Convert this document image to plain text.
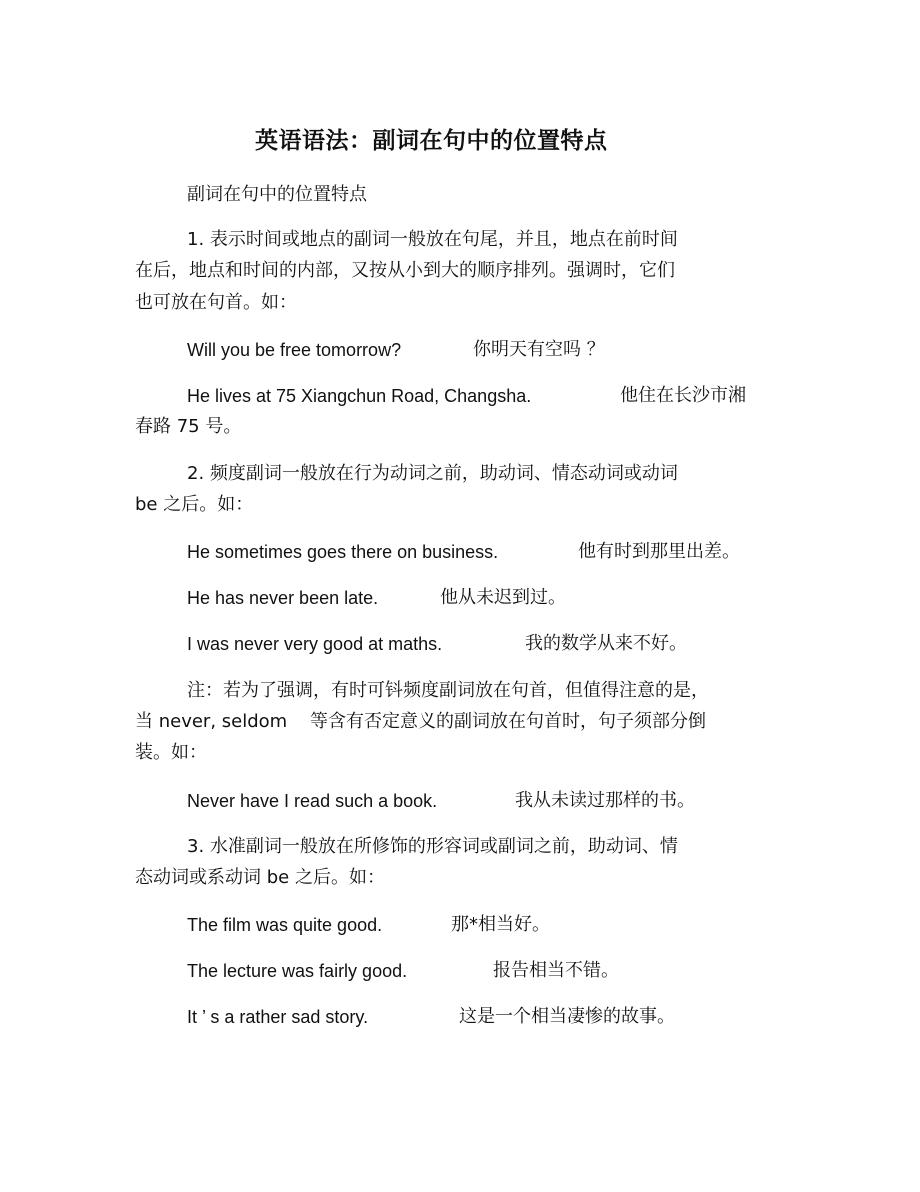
英语语法：副词在句中的位置特点

副词在句中的位置特点

1. 表示时间或地点的副词一般放在句尾，并且，地点在前时间

在后，地点和时间的内部，又按从小到大的顺序排列。强调时，它们

也可放在句首。如：

Will you be free tomorrow?	你明天有空吗 ？

He lives at 75 Xiangchun Road, Changsha.	他住在长沙市湘

春路 75 号。

2. 频度副词一般放在行为动词之前，助动词、情态动词或动词

be 之后。如：

He sometimes goes there on business.	他有时到那里出差。

He has never been late.	他从未迟到过。

I was never very good at maths.	我的数学从来不好。

注：若为了强调，有时可钭频度副词放在句首，但值得注意的是，

当 never, seldom 等含有否定意义的副词放在句首时，句子须部分倒

装。如：

Never have I read such a book.	我从未读过那样的书。

3. 水准副词一般放在所修饰的形容词或副词之前，助动词、情

态动词或系动词 be 之后。如：

The film was quite good.	那*相当好。

The lecture was fairly good.	报告相当不错。

It ’ s a rather sad story.	这是一个相当凄惨的故事。
